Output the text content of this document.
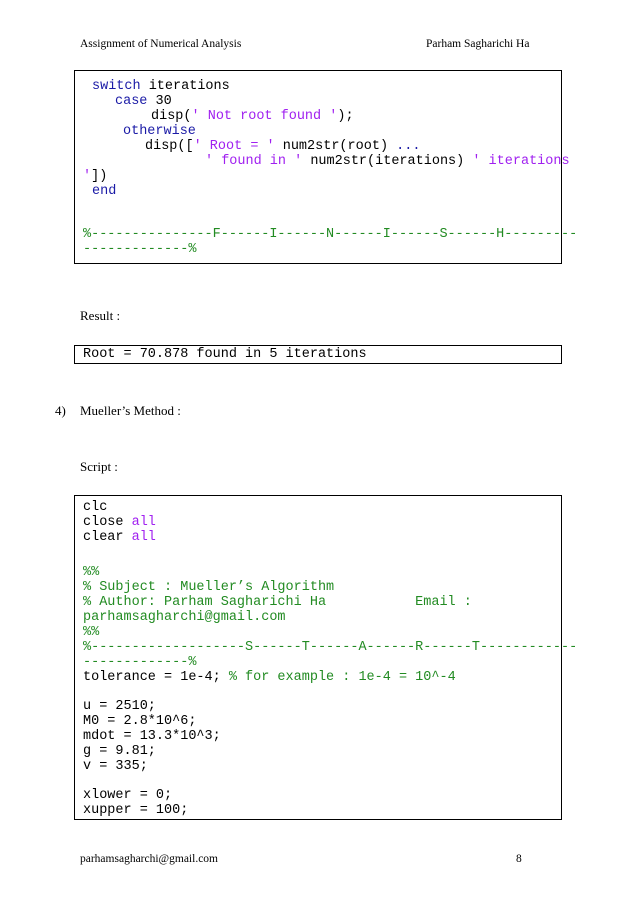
Assignment of Numerical Analysis	Parham Sagharichi Ha
switch iterations
case 30
disp(' Not root found ');
otherwise
disp([' Root = ' num2str(root) ...
' found in ' num2str(iterations) ' iterations
'])
end
%---------------F------I------N------I------S------H---------
-------------%
Result :
Root = 70.878 found in 5 iterations
4) Mueller’s Method :
Script :
clc
close all
clear all
%%
% Subject : Mueller’s Algorithm
% Author: Parham Sagharichi Ha           Email :
parhamsagharchi@gmail.com
%%
%-------------------S------T------A------R------T------------
-------------%
tolerance = 1e-4; % for example : 1e-4 = 10^-4
u = 2510;
M0 = 2.8*10^6;
mdot = 13.3*10^3;
g = 9.81;
v = 335;
xlower = 0;
xupper = 100;
parhamsagharchi@gmail.com	8
